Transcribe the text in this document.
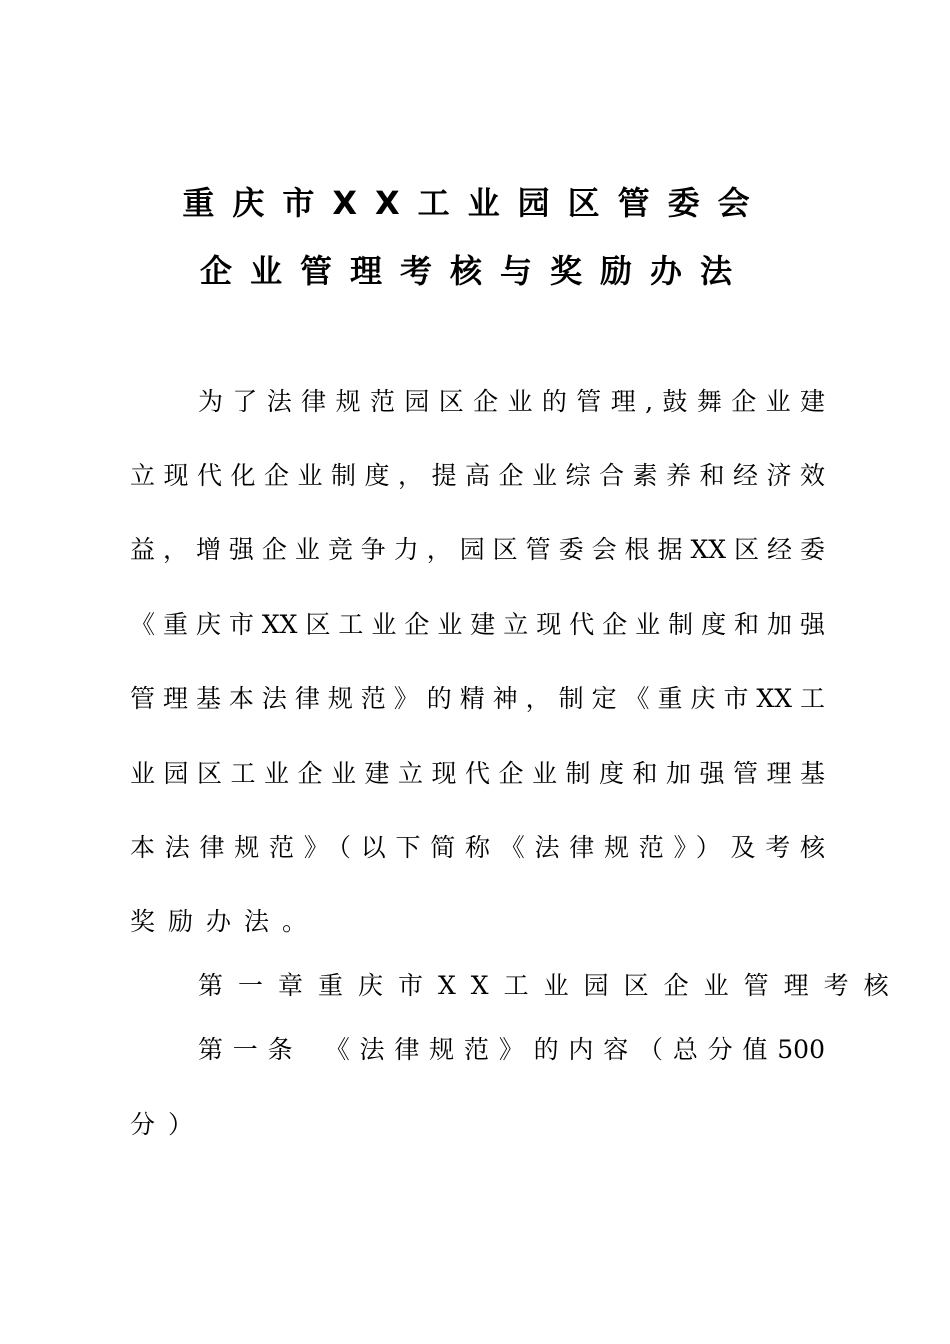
重庆市XX工业园区管委会
企业管理考核与奖励办法
为了法律规范园区企业的管理,鼓舞企业建
立现代化企业制度，提高企业综合素养和经济效
益，增强企业竞争力，园区管委会根据XX区经委
《重庆市XX区工业企业建立现代企业制度和加强
管理基本法律规范》的精神，制定《重庆市XX工
业园区工业企业建立现代企业制度和加强管理基
本法律规范》（以下简称《法律规范》）及考核
奖励办法。
第一章重庆市XX工业园区企业管理考核
第一条　《法律规范》的内容（总分值500
分）
